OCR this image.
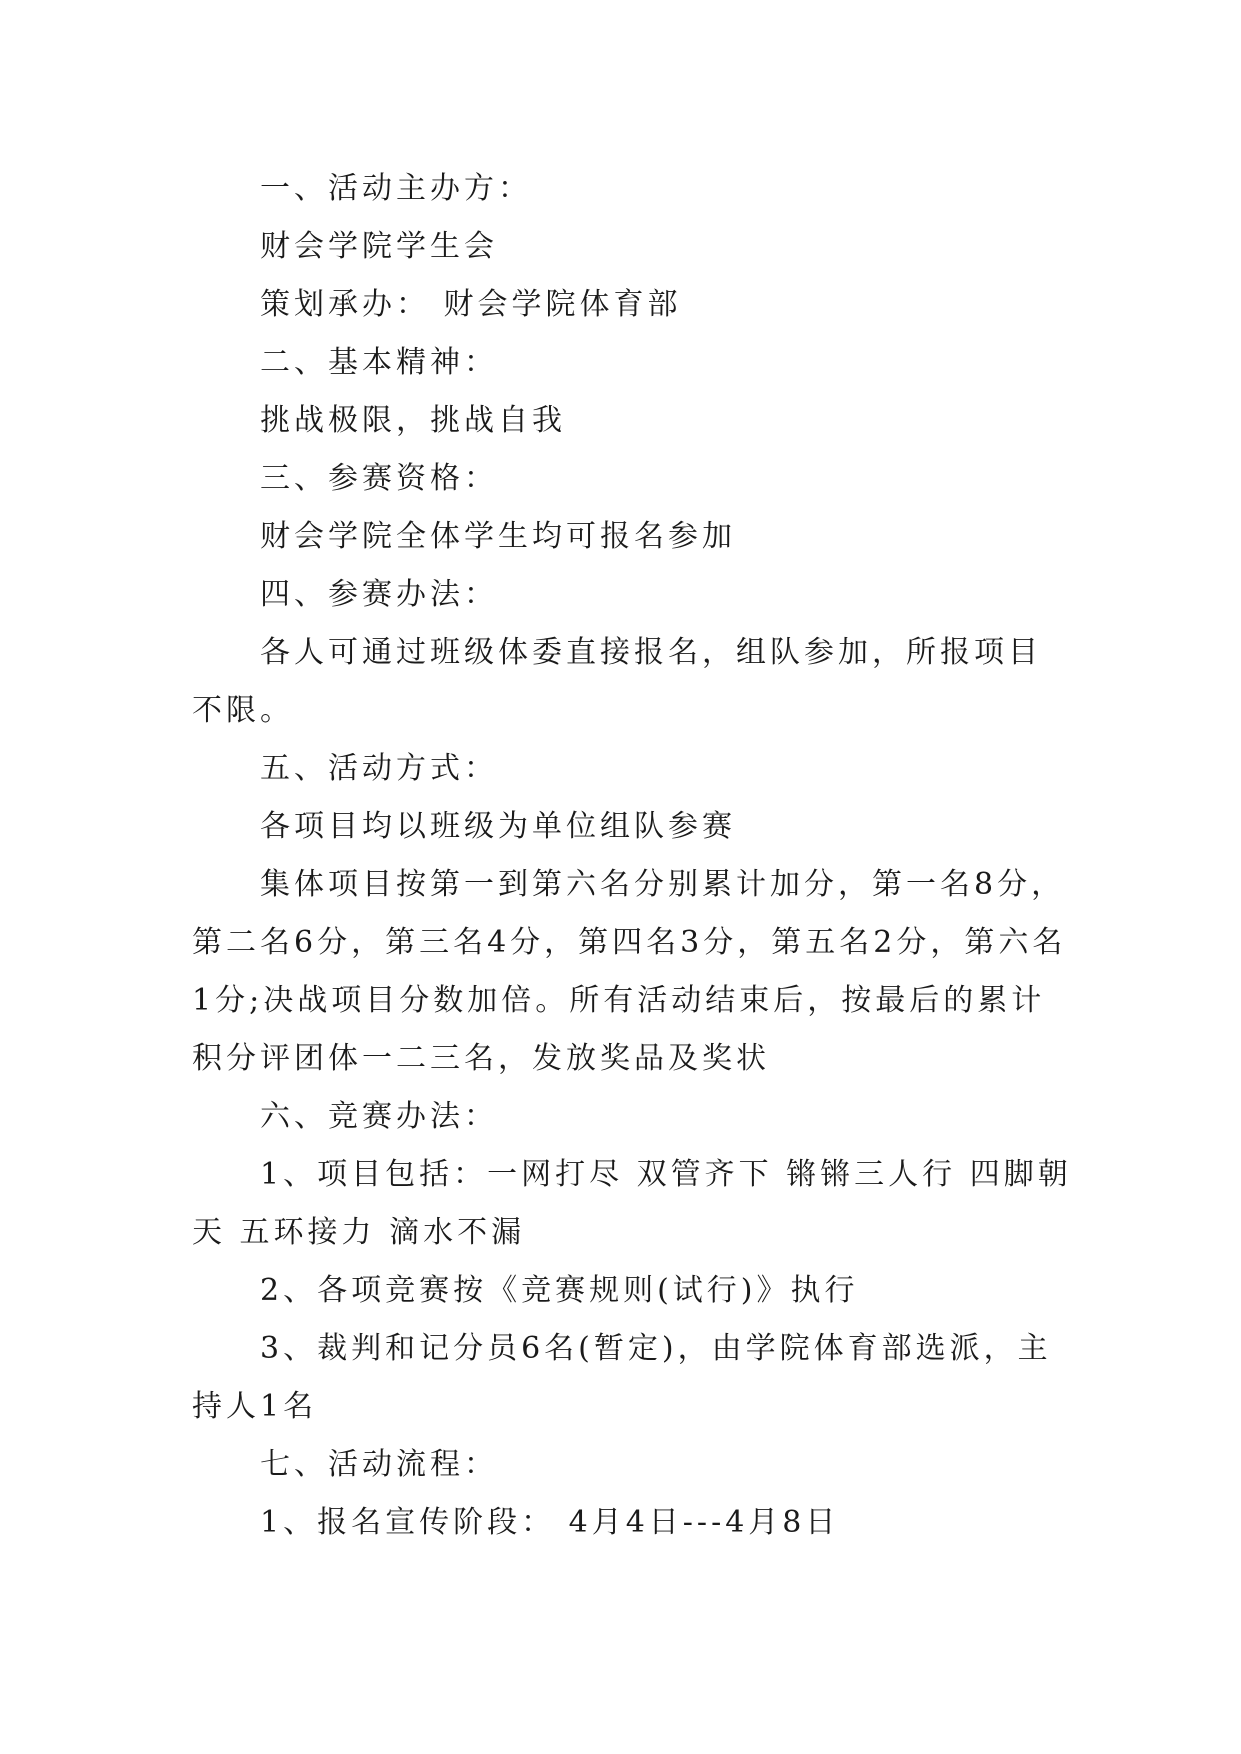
一、活动主办方：

财会学院学生会

策划承办： 财会学院体育部

二、基本精神：

挑战极限，挑战自我

三、参赛资格：

财会学院全体学生均可报名参加

四、参赛办法：

各人可通过班级体委直接报名，组队参加，所报项目不限。

五、活动方式：

各项目均以班级为单位组队参赛

集体项目按第一到第六名分别累计加分，第一名8分，第二名6分，第三名4分，第四名3分，第五名2分，第六名1分;决战项目分数加倍。所有活动结束后，按最后的累计积分评团体一二三名，发放奖品及奖状

六、竞赛办法：

1、项目包括：一网打尽 双管齐下 锵锵三人行 四脚朝天 五环接力 滴水不漏

2、各项竞赛按《竞赛规则(试行)》执行

3、裁判和记分员6名(暂定)，由学院体育部选派，主持人1名

七、活动流程：

1、报名宣传阶段： 4月4日---4月8日
